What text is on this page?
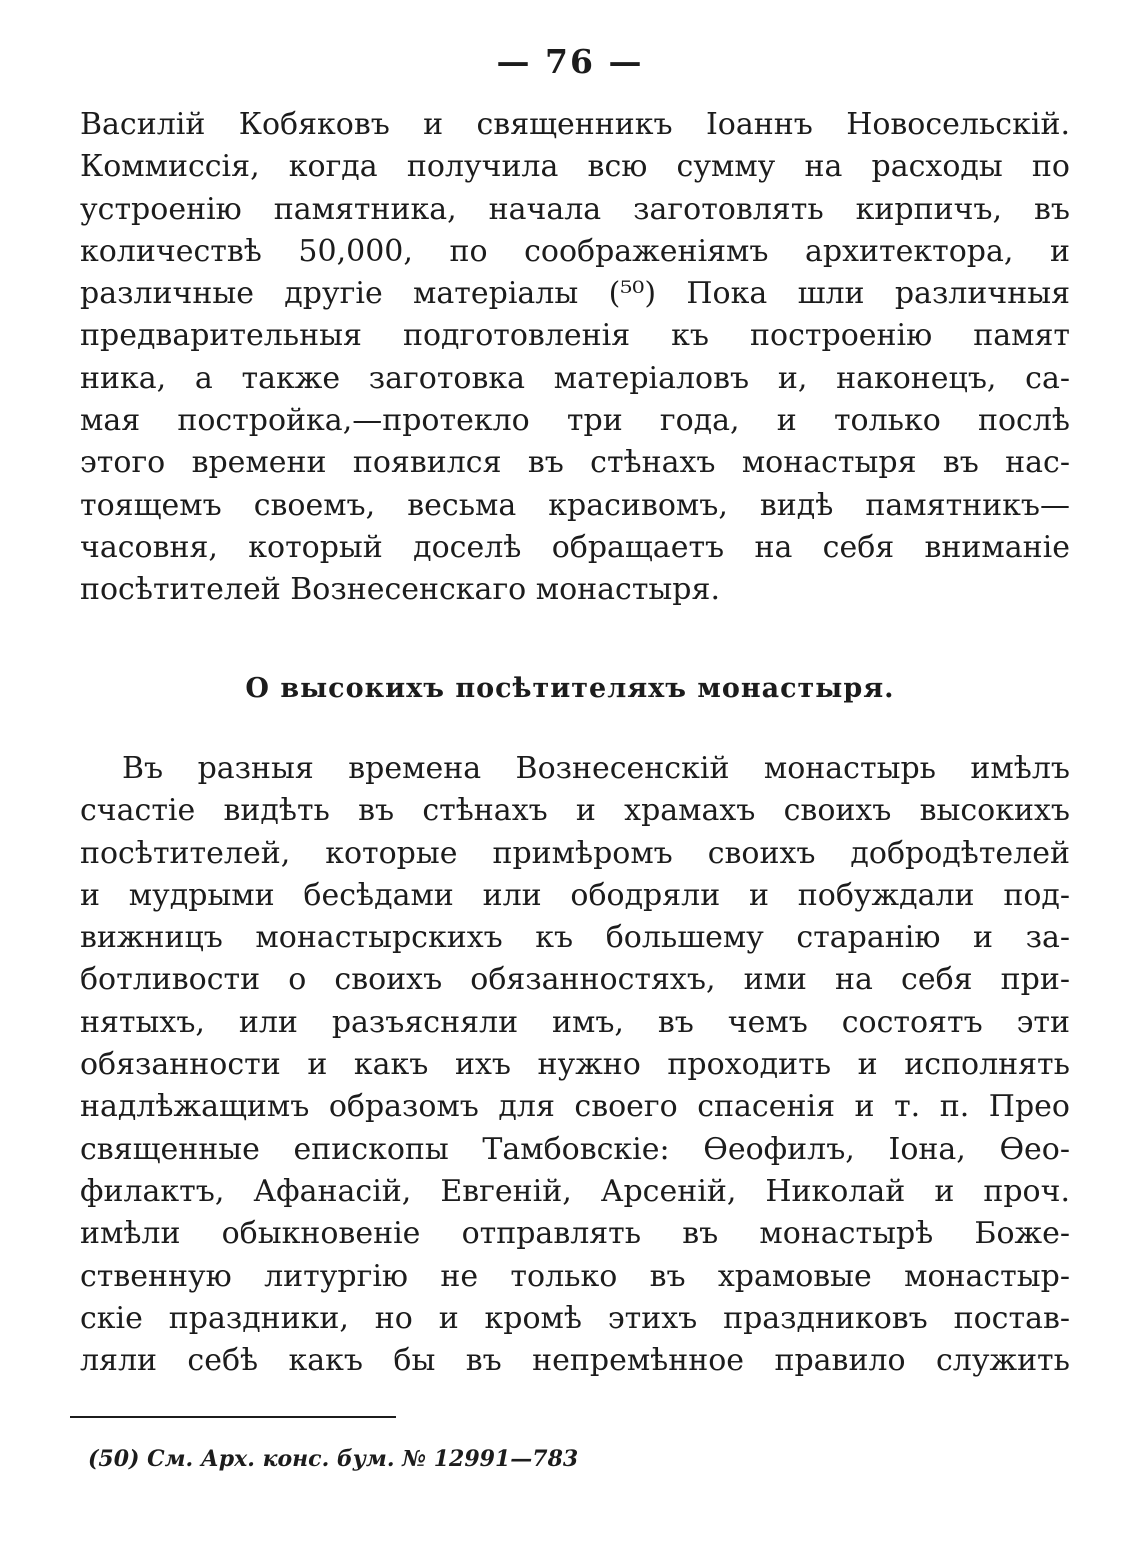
— 76 —
Василій Кобяковъ и священникъ Іоаннъ Новосельскій.
Коммиссія, когда получила всю сумму на расходы по
устроенію памятника, начала заготовлять кирпичъ, въ
количествѣ 50,000, по соображеніямъ архитектора, и
различные другіе матеріалы (⁵⁰) Пока шли различныя
предварительныя подготовленія къ построенію памят
ника, а также заготовка матеріаловъ и, наконецъ, са-
мая постройка,—протекло три года, и только послѣ
этого времени появился въ стѣнахъ монастыря въ нас-
тоящемъ своемъ, весьма красивомъ, видѣ памятникъ—
часовня, который доселѣ обращаетъ на себя вниманіе
посѣтителей Вознесенскаго монастыря.
О высокихъ посѣтителяхъ монастыря.
Въ разныя времена Вознесенскій монастырь имѣлъ
счастіе видѣть въ стѣнахъ и храмахъ своихъ высокихъ
посѣтителей, которые примѣромъ своихъ добродѣтелей
и мудрыми бесѣдами или ободряли и побуждали под-
вижницъ монастырскихъ къ большему старанію и за-
ботливости о своихъ обязанностяхъ, ими на себя при-
нятыхъ, или разъясняли имъ, въ чемъ состоятъ эти
обязанности и какъ ихъ нужно проходить и исполнять
надлѣжащимъ образомъ для своего спасенія и т. п. Прео
священные епископы Тамбовскіе: Ѳеофилъ, Іона, Ѳео-
филактъ, Афанасій, Евгеній, Арсеній, Николай и проч.
имѣли обыкновеніе отправлять въ монастырѣ Боже-
ственную литургію не только въ храмовые монастыр-
скіе праздники, но и кромѣ этихъ праздниковъ постав-
ляли себѣ какъ бы въ непремѣнное правило служить
(50) См. Арх. конс. бум. № 12991—783
